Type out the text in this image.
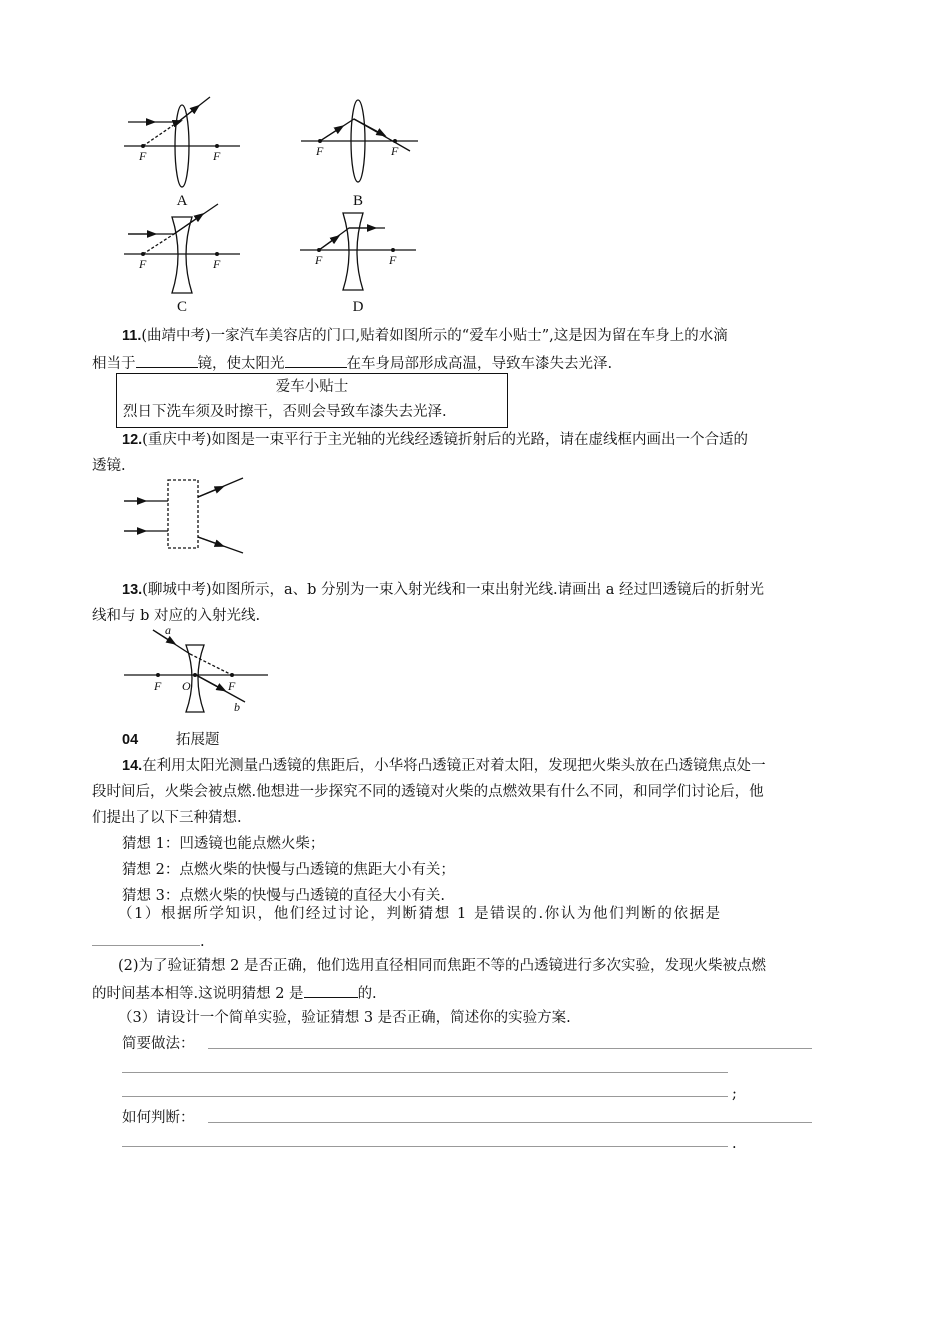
F	F	F	F
F	F	F	F
A	B
C	D
11.(曲靖中考)一家汽车美容店的门口,贴着如图所示的“爱车小贴士”,这是因为留在车身上的水滴
相当于	镜，使太阳光	在车身局部形成高温，导致车漆失去光泽.
爱车小贴士
烈日下洗车须及时擦干，否则会导致车漆失去光泽.
12.(重庆中考)如图是一束平行于主光轴的光线经透镜折射后的光路，请在虚线框内画出一个合适的
透镜.
13.(聊城中考)如图所示，a、b 分别为一束入射光线和一束出射光线.请画出 a 经过凹透镜后的折射光
线和与 b 对应的入射光线.
a
b
F O	F
04	拓展题
14.在利用太阳光测量凸透镜的焦距后，小华将凸透镜正对着太阳，发现把火柴头放在凸透镜焦点处一
段时间后，火柴会被点燃.他想进一步探究不同的透镜对火柴的点燃效果有什么不同，和同学们讨论后，他
们提出了以下三种猜想.
猜想 1：凹透镜也能点燃火柴；
猜想 2：点燃火柴的快慢与凸透镜的焦距大小有关；
猜想 3：点燃火柴的快慢与凸透镜的直径大小有关.
（1）根据所学知识，他们经过讨论，判断猜想 1 是错误的.你认为他们判断的依据是
.
(2)为了验证猜想 2 是否正确，他们选用直径相同而焦距不等的凸透镜进行多次实验，发现火柴被点燃
的时间基本相等.这说明猜想 2 是	的.
（3）请设计一个简单实验，验证猜想 3 是否正确，简述你的实验方案.
简要做法：
;
如何判断：
.
